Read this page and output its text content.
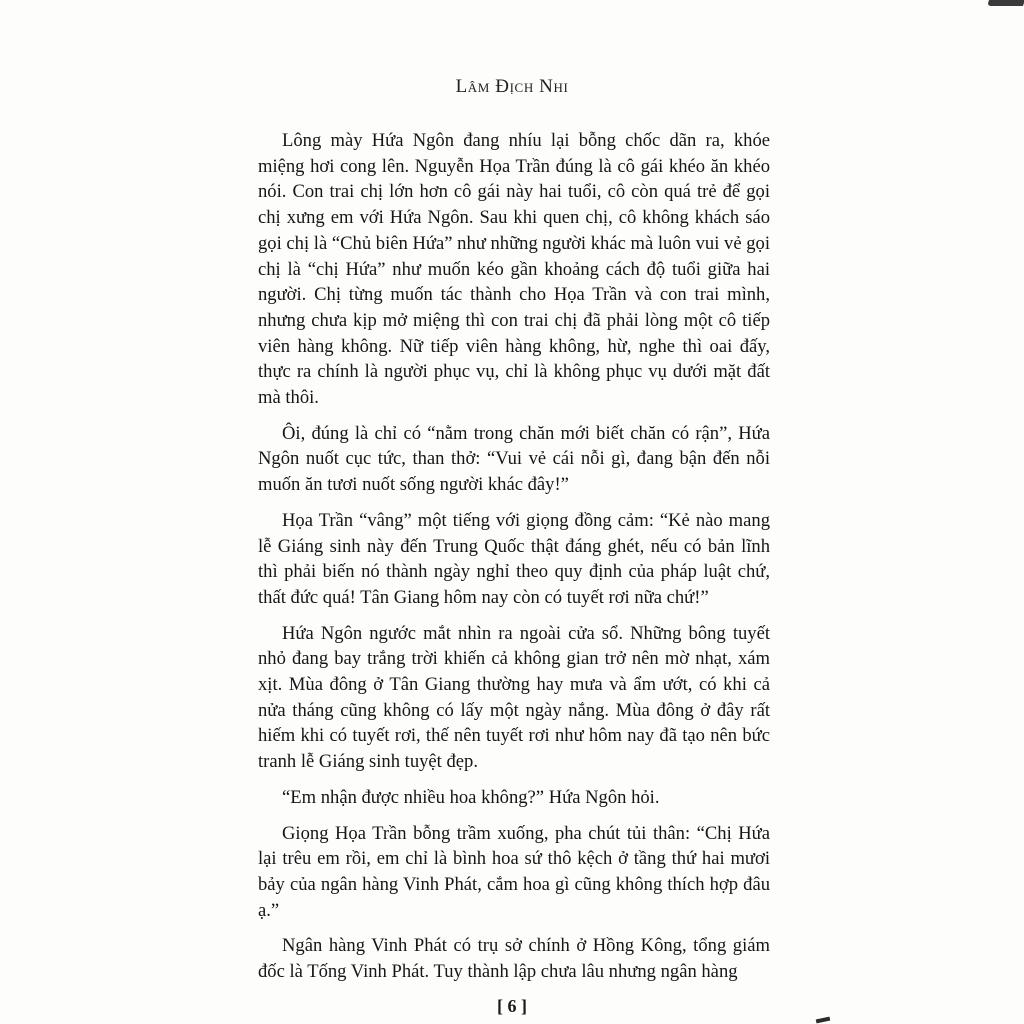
Lâm Địch Nhi

Lông mày Hứa Ngôn đang nhíu lại bỗng chốc dãn ra, khóe miệng hơi cong lên. Nguyễn Họa Trần đúng là cô gái khéo ăn khéo nói. Con trai chị lớn hơn cô gái này hai tuổi, cô còn quá trẻ để gọi chị xưng em với Hứa Ngôn. Sau khi quen chị, cô không khách sáo gọi chị là “Chủ biên Hứa” như những người khác mà luôn vui vẻ gọi chị là “chị Hứa” như muốn kéo gần khoảng cách độ tuổi giữa hai người. Chị từng muốn tác thành cho Họa Trần và con trai mình, nhưng chưa kịp mở miệng thì con trai chị đã phải lòng một cô tiếp viên hàng không. Nữ tiếp viên hàng không, hừ, nghe thì oai đấy, thực ra chính là người phục vụ, chỉ là không phục vụ dưới mặt đất mà thôi.

Ôi, đúng là chỉ có “nằm trong chăn mới biết chăn có rận”, Hứa Ngôn nuốt cục tức, than thở: “Vui vẻ cái nỗi gì, đang bận đến nỗi muốn ăn tươi nuốt sống người khác đây!”

Họa Trần “vâng” một tiếng với giọng đồng cảm: “Kẻ nào mang lễ Giáng sinh này đến Trung Quốc thật đáng ghét, nếu có bản lĩnh thì phải biến nó thành ngày nghỉ theo quy định của pháp luật chứ, thất đức quá! Tân Giang hôm nay còn có tuyết rơi nữa chứ!”

Hứa Ngôn ngước mắt nhìn ra ngoài cửa sổ. Những bông tuyết nhỏ đang bay trắng trời khiến cả không gian trở nên mờ nhạt, xám xịt. Mùa đông ở Tân Giang thường hay mưa và ẩm ướt, có khi cả nửa tháng cũng không có lấy một ngày nắng. Mùa đông ở đây rất hiếm khi có tuyết rơi, thế nên tuyết rơi như hôm nay đã tạo nên bức tranh lễ Giáng sinh tuyệt đẹp.

“Em nhận được nhiều hoa không?” Hứa Ngôn hỏi.

Giọng Họa Trần bỗng trầm xuống, pha chút tủi thân: “Chị Hứa lại trêu em rồi, em chỉ là bình hoa sứ thô kệch ở tầng thứ hai mươi bảy của ngân hàng Vinh Phát, cắm hoa gì cũng không thích hợp đâu ạ.”

Ngân hàng Vinh Phát có trụ sở chính ở Hồng Kông, tổng giám đốc là Tống Vinh Phát. Tuy thành lập chưa lâu nhưng ngân hàng

[ 6 ]
